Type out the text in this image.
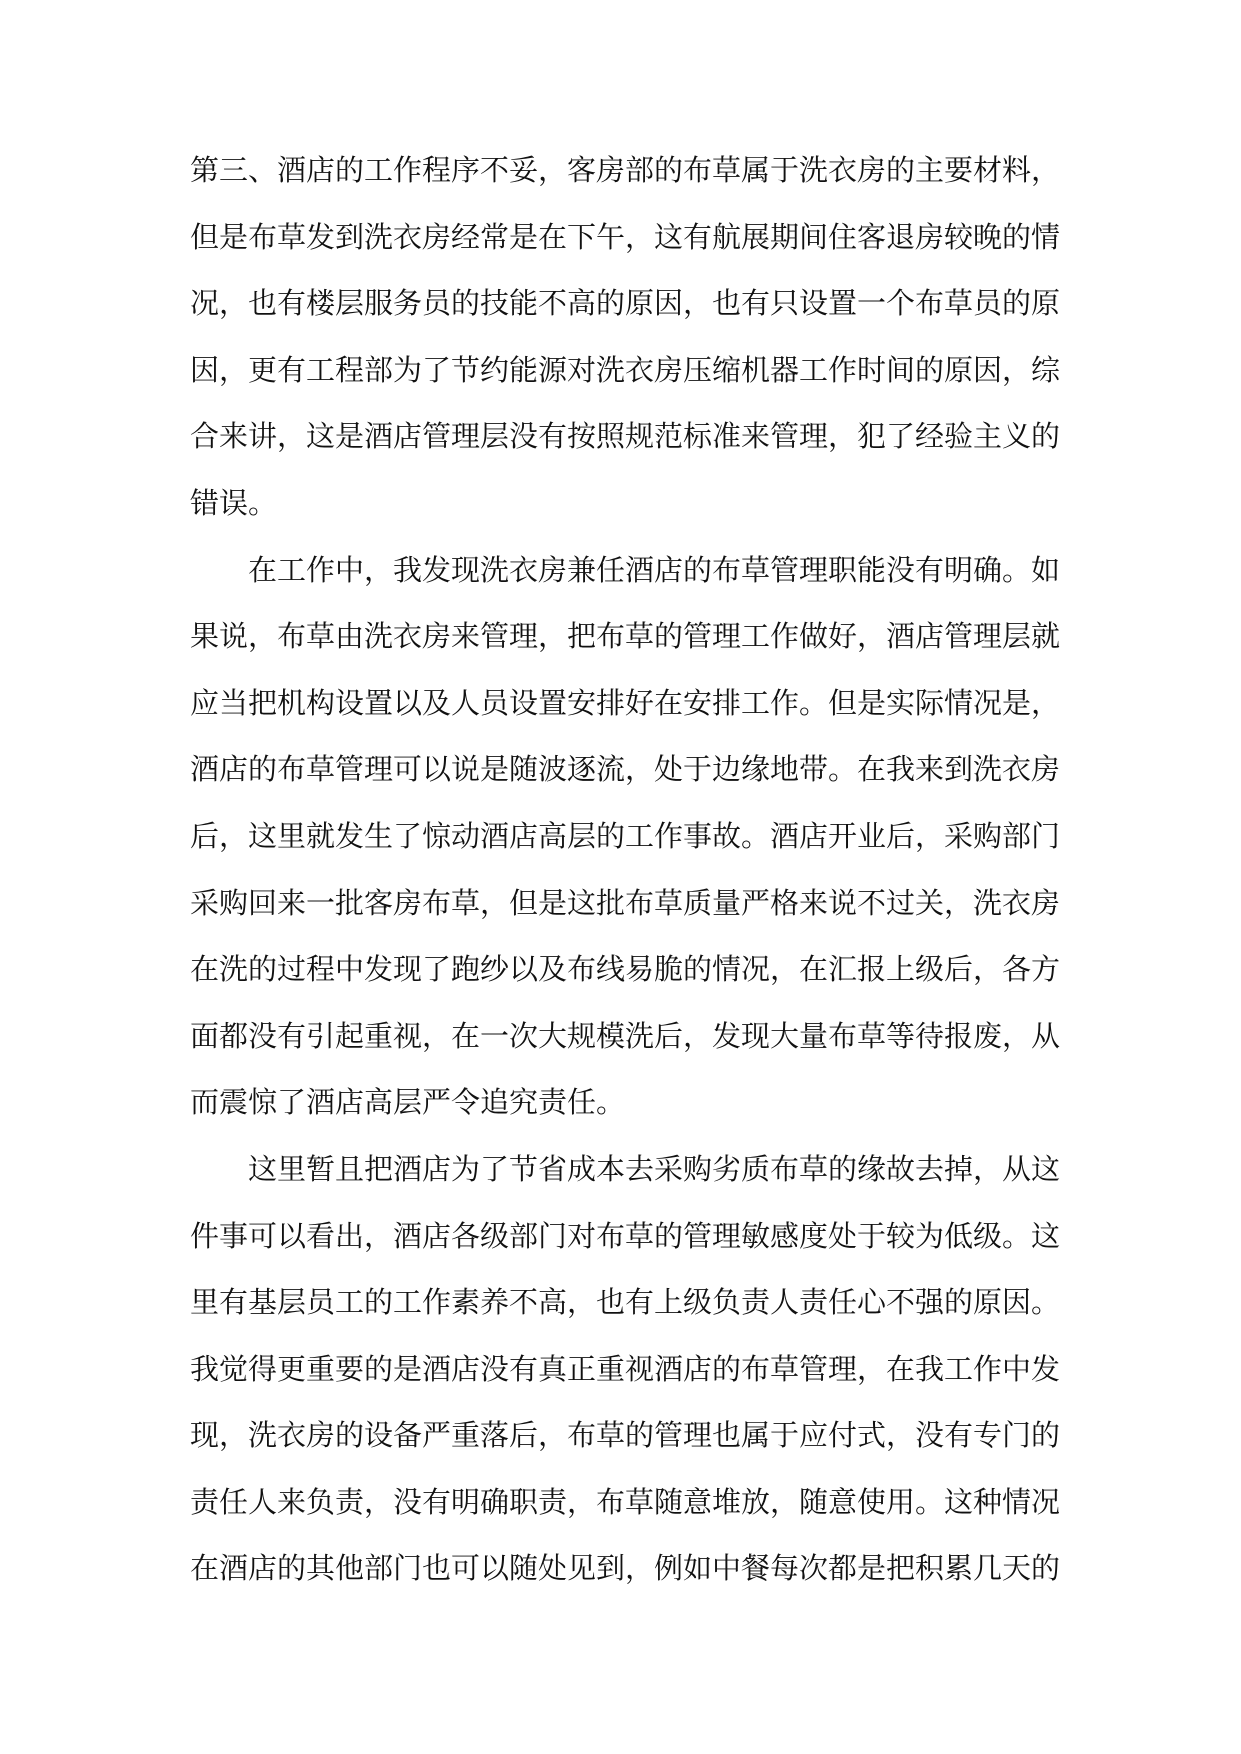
第三、酒店的工作程序不妥，客房部的布草属于洗衣房的主要材料，但是布草发到洗衣房经常是在下午，这有航展期间住客退房较晚的情况，也有楼层服务员的技能不高的原因，也有只设置一个布草员的原因，更有工程部为了节约能源对洗衣房压缩机器工作时间的原因，综合来讲，这是酒店管理层没有按照规范标准来管理，犯了经验主义的错误。

在工作中，我发现洗衣房兼任酒店的布草管理职能没有明确。如果说，布草由洗衣房来管理，把布草的管理工作做好，酒店管理层就应当把机构设置以及人员设置安排好在安排工作。但是实际情况是，酒店的布草管理可以说是随波逐流，处于边缘地带。在我来到洗衣房后，这里就发生了惊动酒店高层的工作事故。酒店开业后，采购部门采购回来一批客房布草，但是这批布草质量严格来说不过关，洗衣房在洗的过程中发现了跑纱以及布线易脆的情况，在汇报上级后，各方面都没有引起重视，在一次大规模洗后，发现大量布草等待报废，从而震惊了酒店高层严令追究责任。

这里暂且把酒店为了节省成本去采购劣质布草的缘故去掉，从这件事可以看出，酒店各级部门对布草的管理敏感度处于较为低级。这里有基层员工的工作素养不高，也有上级负责人责任心不强的原因。我觉得更重要的是酒店没有真正重视酒店的布草管理，在我工作中发现，洗衣房的设备严重落后，布草的管理也属于应付式，没有专门的责任人来负责，没有明确职责，布草随意堆放，随意使用。这种情况在酒店的其他部门也可以随处见到，例如中餐每次都是把积累几天的
